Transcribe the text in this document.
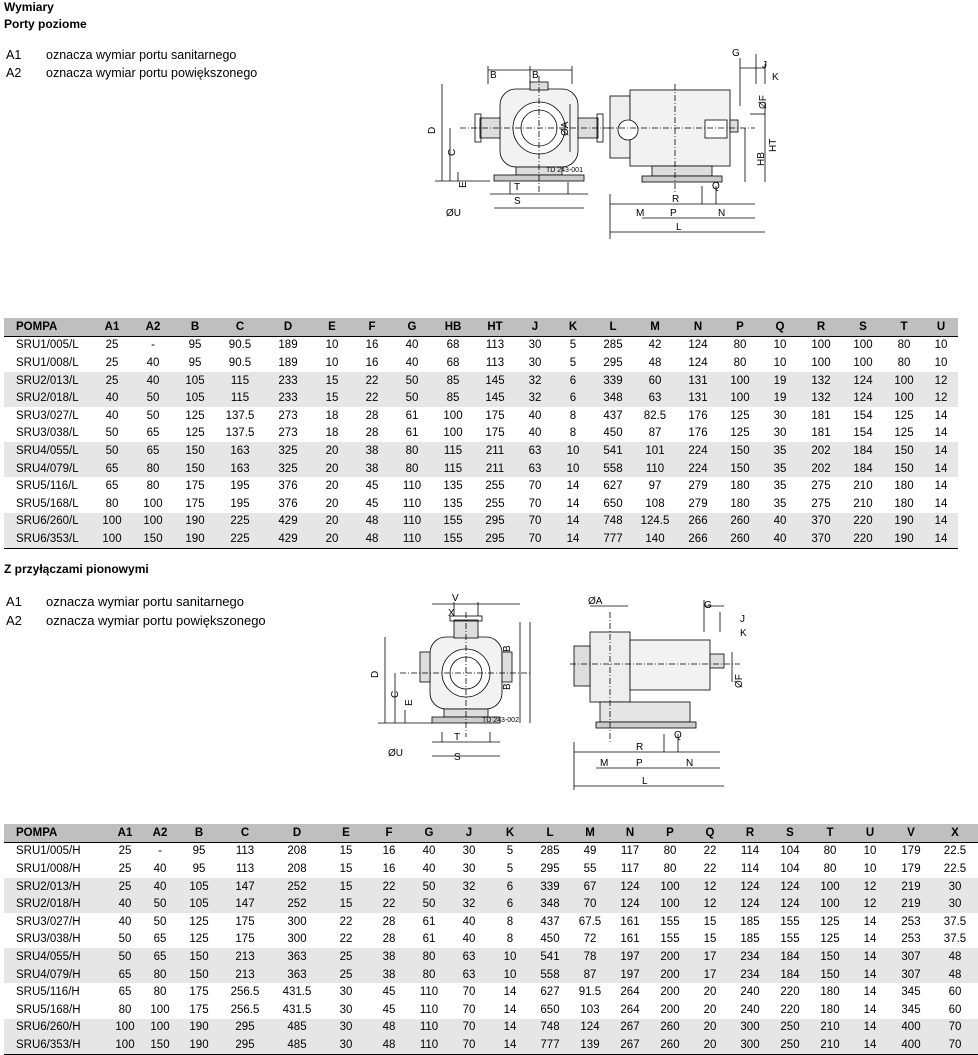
Wymiary
Porty poziome
A1 oznacza wymiar portu sanitarnego
A2 oznacza wymiar portu powiększonego	B	B
D
C
E
ØA
ØU
T
S
TD 243-001
G
J
K
ØF
HB
HT
R
Q
M	P	N
L
POMPA	A1	A2	B	C	D	E	F	G	HB	HT	J	K	L	M	N	P	Q	R	S	T	U
SRU1/005/L	25	-	95	90.5	189	10	16	40	68	113	30	5	285	42	124	80	10	100	100	80	10
SRU1/008/L	25	40	95	90.5	189	10	16	40	68	113	30	5	295	48	124	80	10	100	100	80	10
SRU2/013/L	25	40	105	115	233	15	22	50	85	145	32	6	339	60	131	100	19	132	124	100	12
SRU2/018/L	40	50	105	115	233	15	22	50	85	145	32	6	348	63	131	100	19	132	124	100	12
SRU3/027/L	40	50	125	137.5	273	18	28	61	100	175	40	8	437	82.5	176	125	30	181	154	125	14
SRU3/038/L	50	65	125	137.5	273	18	28	61	100	175	40	8	450	87	176	125	30	181	154	125	14
SRU4/055/L	50	65	150	163	325	20	38	80	115	211	63	10	541	101	224	150	35	202	184	150	14
SRU4/079/L	65	80	150	163	325	20	38	80	115	211	63	10	558	110	224	150	35	202	184	150	14
SRU5/116/L	65	80	175	195	376	20	45	110	135	255	70	14	627	97	279	180	35	275	210	180	14
SRU5/168/L	80	100	175	195	376	20	45	110	135	255	70	14	650	108	279	180	35	275	210	180	14
SRU6/260/L	100	100	190	225	429	20	48	110	155	295	70	14	748	124.5	266	260	40	370	220	190	14
SRU6/353/L	100	150	190	225	429	20	48	110	155	295	70	14	777	140	266	260	40	370	220	190	14
Z przyłączami pionowymi
A1 oznacza wymiar portu sanitarnego
A2 oznacza wymiar portu powiększonego
V
X
D
C
E
B
B
ØU
T
S
TD 243-002
ØA	G
J
K
ØF
R
Q
M	P	N
L
POMPA	A1	A2	B	C	D	E	F	G	J	K	L	M	N	P	Q	R	S	T	U	V	X
SRU1/005/H	25	-	95	113	208	15	16	40	30	5	285	49	117	80	22	114	104	80	10	179	22.5
SRU1/008/H	25	40	95	113	208	15	16	40	30	5	295	55	117	80	22	114	104	80	10	179	22.5
SRU2/013/H	25	40	105	147	252	15	22	50	32	6	339	67	124	100	12	124	124	100	12	219	30
SRU2/018/H	40	50	105	147	252	15	22	50	32	6	348	70	124	100	12	124	124	100	12	219	30
SRU3/027/H	40	50	125	175	300	22	28	61	40	8	437	67.5	161	155	15	185	155	125	14	253	37.5
SRU3/038/H	50	65	125	175	300	22	28	61	40	8	450	72	161	155	15	185	155	125	14	253	37.5
SRU4/055/H	50	65	150	213	363	25	38	80	63	10	541	78	197	200	17	234	184	150	14	307	48
SRU4/079/H	65	80	150	213	363	25	38	80	63	10	558	87	197	200	17	234	184	150	14	307	48
SRU5/116/H	65	80	175	256.5	431.5	30	45	110	70	14	627	91.5	264	200	20	240	220	180	14	345	60
SRU5/168/H	80	100	175	256.5	431.5	30	45	110	70	14	650	103	264	200	20	240	220	180	14	345	60
SRU6/260/H	100	100	190	295	485	30	48	110	70	14	748	124	267	260	20	300	250	210	14	400	70
SRU6/353/H	100	150	190	295	485	30	48	110	70	14	777	139	267	260	20	300	250	210	14	400	70
